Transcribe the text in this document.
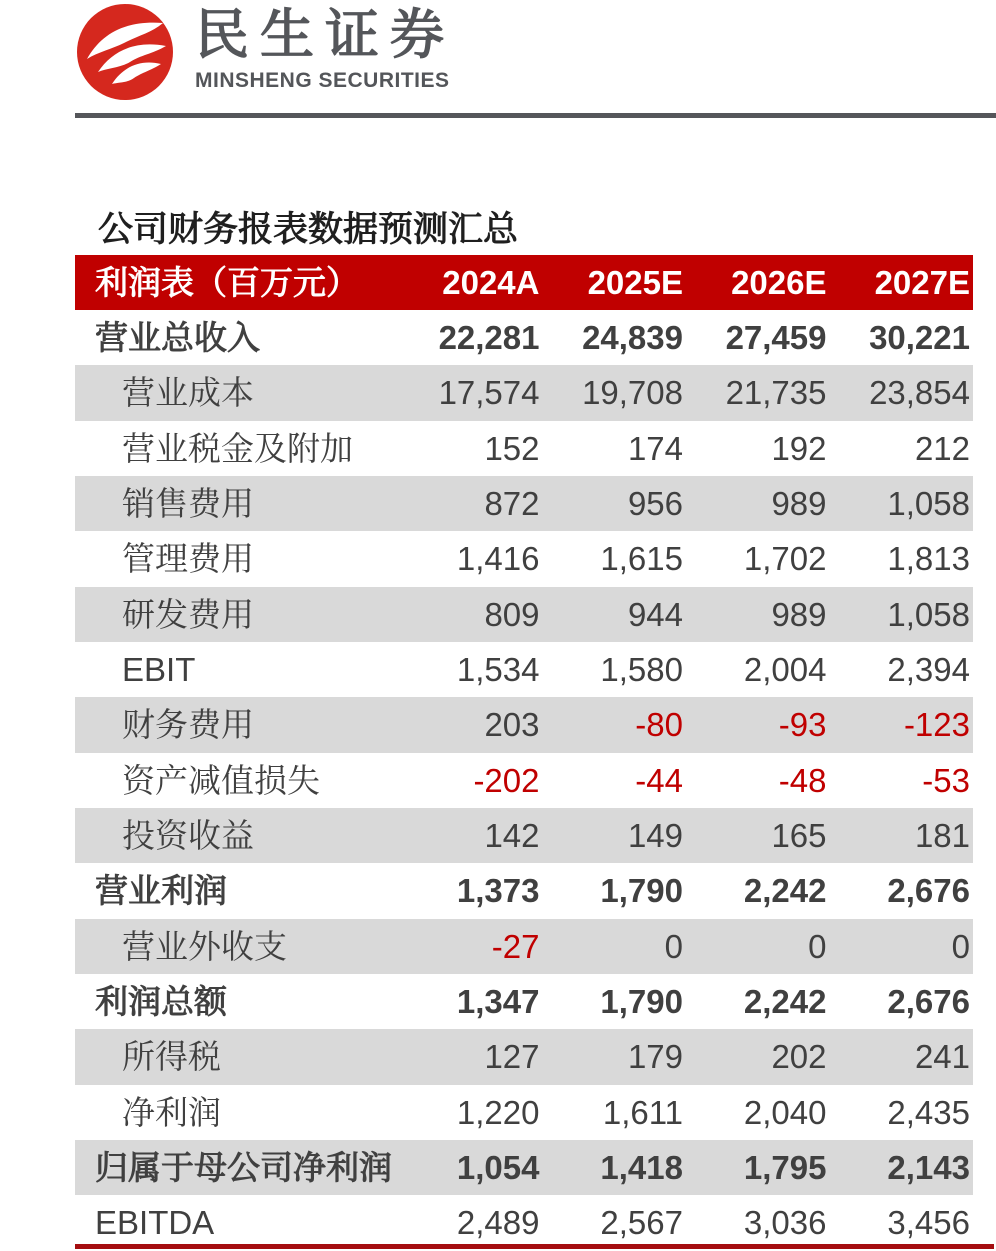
民生证券
MINSHENG SECURITIES
公司财务报表数据预测汇总
利润表（百万元）	2024A	2025E	2026E	2027E
营业总收入	22,281	24,839	27,459	30,221
营业成本	17,574	19,708	21,735	23,854
营业税金及附加	152	174	192	212
销售费用	872	956	989	1,058
管理费用	1,416	1,615	1,702	1,813
研发费用	809	944	989	1,058
EBIT	1,534	1,580	2,004	2,394
财务费用	203	-80	-93	-123
资产减值损失	-202	-44	-48	-53
投资收益	142	149	165	181
营业利润	1,373	1,790	2,242	2,676
营业外收支	-27	0	0	0
利润总额	1,347	1,790	2,242	2,676
所得税	127	179	202	241
净利润	1,220	1,611	2,040	2,435
归属于母公司净利润	1,054	1,418	1,795	2,143
EBITDA	2,489	2,567	3,036	3,456
